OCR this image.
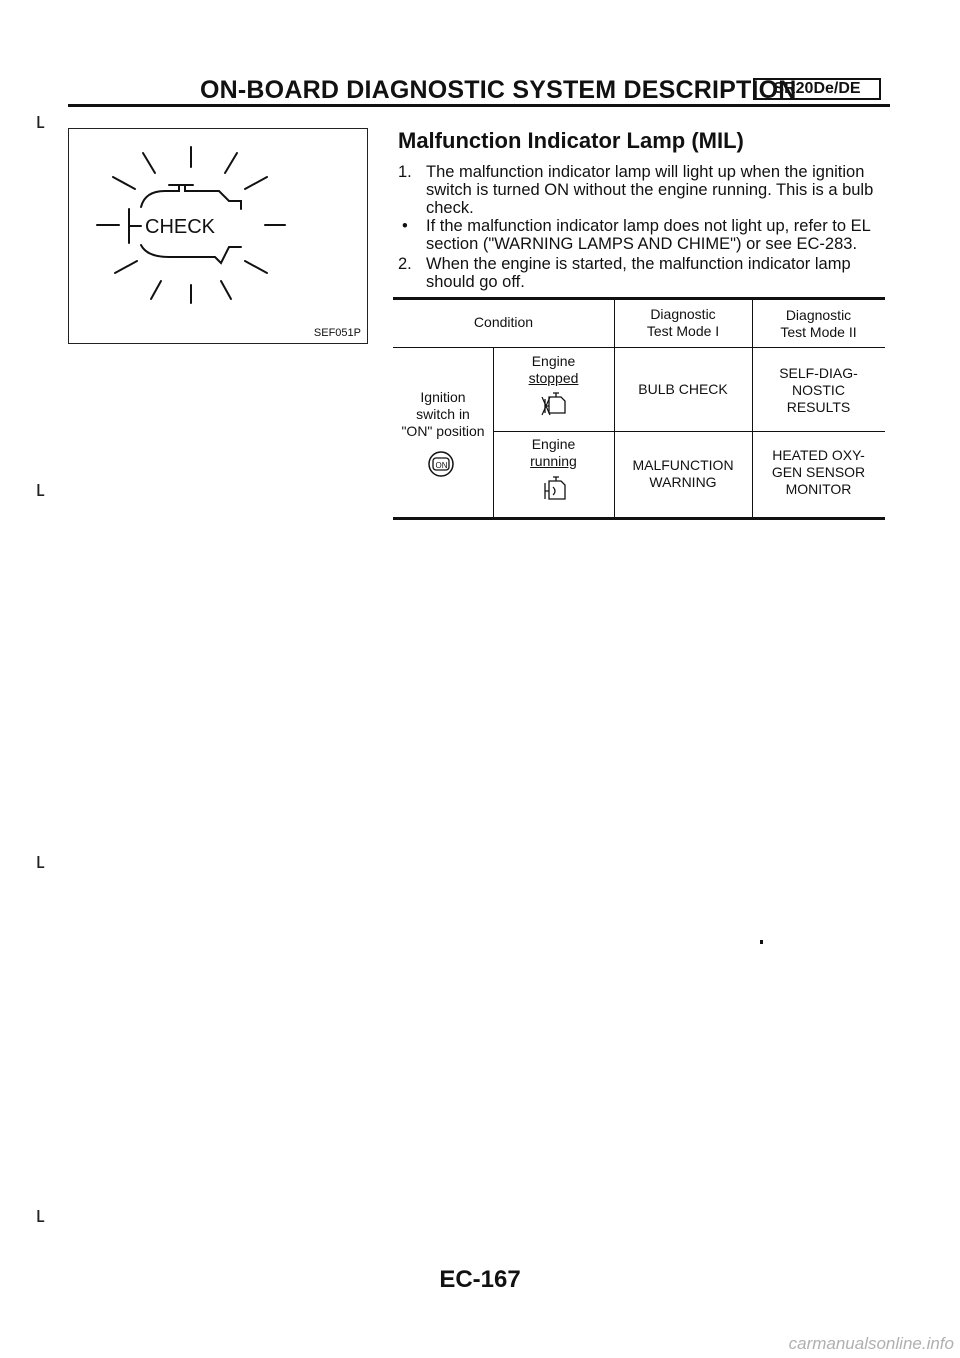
ON-BOARD DIAGNOSTIC SYSTEM DESCRIPTION
SR20De/DE
ʟ
ʟ
ʟ
ʟ
CHECK
SEF051P
Malfunction Indicator Lamp (MIL)
1. The malfunction indicator lamp will light up when the ignition
switch is turned ON without the engine running. This is a bulb
check.
• If the malfunction indicator lamp does not light up, refer to EL
section ("WARNING LAMPS AND CHIME") or see EC-283.
2. When the engine is started, the malfunction indicator lamp
should go off.
Condition	Diagnostic
Test Mode I
Diagnostic
Test Mode II
Ignition
switch in
"ON" position
ON
Engine
stopped
BULB CHECK
SELF-DIAG-
NOSTIC
RESULTS
Engine
running	MALFUNCTION
WARNING
HEATED OXY-
GEN SENSOR
MONITOR
EC-167
carmanualsonline.info
